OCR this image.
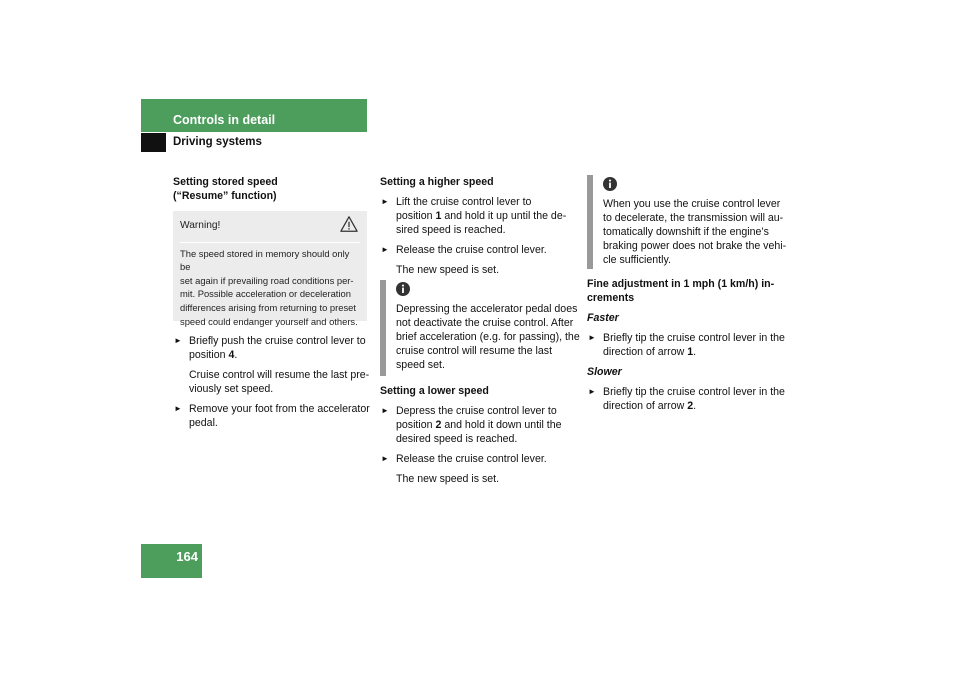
Controls in detail
Driving systems

Setting stored speed
(“Resume” function)

Warning!
The speed stored in memory should only be
set again if prevailing road conditions per-
mit. Possible acceleration or deceleration
differences arising from returning to preset
speed could endanger yourself and others.
► Briefly push the cruise control lever to
position 4.
Cruise control will resume the last pre-
viously set speed.
► Remove your foot from the accelerator
pedal.

Setting a higher speed

► Lift the cruise control lever to
position 1 and hold it up until the de-
sired speed is reached.
► Release the cruise control lever.
The new speed is set.
Depressing the accelerator pedal does
not deactivate the cruise control. After
brief acceleration (e.g. for passing), the
cruise control will resume the last
speed set.

Setting a lower speed

► Depress the cruise control lever to
position 2 and hold it down until the
desired speed is reached.
► Release the cruise control lever.
The new speed is set.
When you use the cruise control lever
to decelerate, the transmission will au-
tomatically downshift if the engine’s
braking power does not brake the vehi-
cle sufficiently.

Fine adjustment in 1 mph (1 km/h) in-
crements

Faster

► Briefly tip the cruise control lever in the
direction of arrow 1.

Slower

► Briefly tip the cruise control lever in the
direction of arrow 2.
164
